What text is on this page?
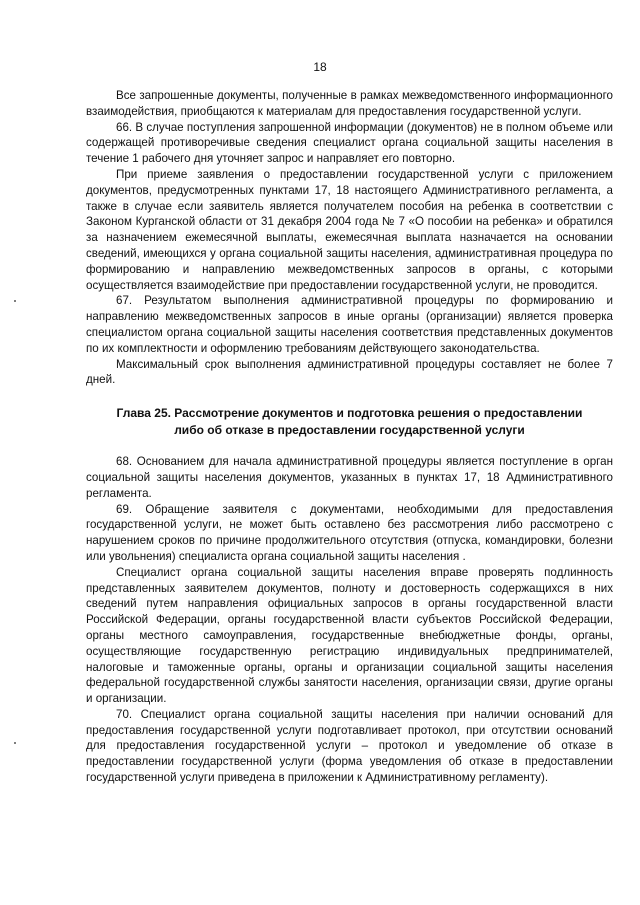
18

Все запрошенные документы, полученные в рамках межведомственного информационного взаимодействия, приобщаются к материалам для предоставления государственной услуги.

66. В случае поступления запрошенной информации (документов) не в полном объеме или содержащей противоречивые сведения специалист органа социальной защиты населения в течение 1 рабочего дня уточняет запрос и направляет его повторно.

При приеме заявления о предоставлении государственной услуги с приложением документов, предусмотренных пунктами 17, 18 настоящего Административного регламента, а также в случае если заявитель является получателем пособия на ребенка в соответствии с Законом Курганской области от 31 декабря 2004 года № 7 «О пособии на ребенка» и обратился за назначением ежемесячной выплаты, ежемесячная выплата назначается на основании сведений, имеющихся у органа социальной защиты населения, административная процедура по формированию и направлению межведомственных запросов в органы, с которыми осуществляется взаимодействие при предоставлении государственной услуги, не проводится.

67. Результатом выполнения административной процедуры по формированию и направлению межведомственных запросов в иные органы (организации) является проверка специалистом органа социальной защиты населения соответствия представленных документов по их комплектности и оформлению требованиям действующего законодательства.

Максимальный срок выполнения административной процедуры составляет не более 7 дней.

Глава 25. Рассмотрение документов и подготовка решения о предоставлении
либо об отказе в предоставлении государственной услуги

68. Основанием для начала административной процедуры является поступление в орган социальной защиты населения документов, указанных в пунктах 17, 18 Административного регламента.

69. Обращение заявителя с документами, необходимыми для предоставления государственной услуги, не может быть оставлено без рассмотрения либо рассмотрено с нарушением сроков по причине продолжительного отсутствия (отпуска, командировки, болезни или увольнения) специалиста органа социальной защиты населения .

Специалист органа социальной защиты населения вправе проверять подлинность представленных заявителем документов, полноту и достоверность содержащихся в них сведений путем направления официальных запросов в органы государственной власти Российской Федерации, органы государственной власти субъектов Российской Федерации, органы местного самоуправления, государственные внебюджетные фонды, органы, осуществляющие государственную регистрацию индивидуальных предпринимателей, налоговые и таможенные органы, органы и организации социальной защиты населения федеральной государственной службы занятости населения, организации связи, другие органы и организации.

70. Специалист органа социальной защиты населения при наличии оснований для предоставления государственной услуги подготавливает протокол, при отсутствии оснований для предоставления государственной услуги – протокол и уведомление об отказе в предоставлении государственной услуги (форма уведомления об отказе в предоставлении государственной услуги приведена в приложении к Административному регламенту).
